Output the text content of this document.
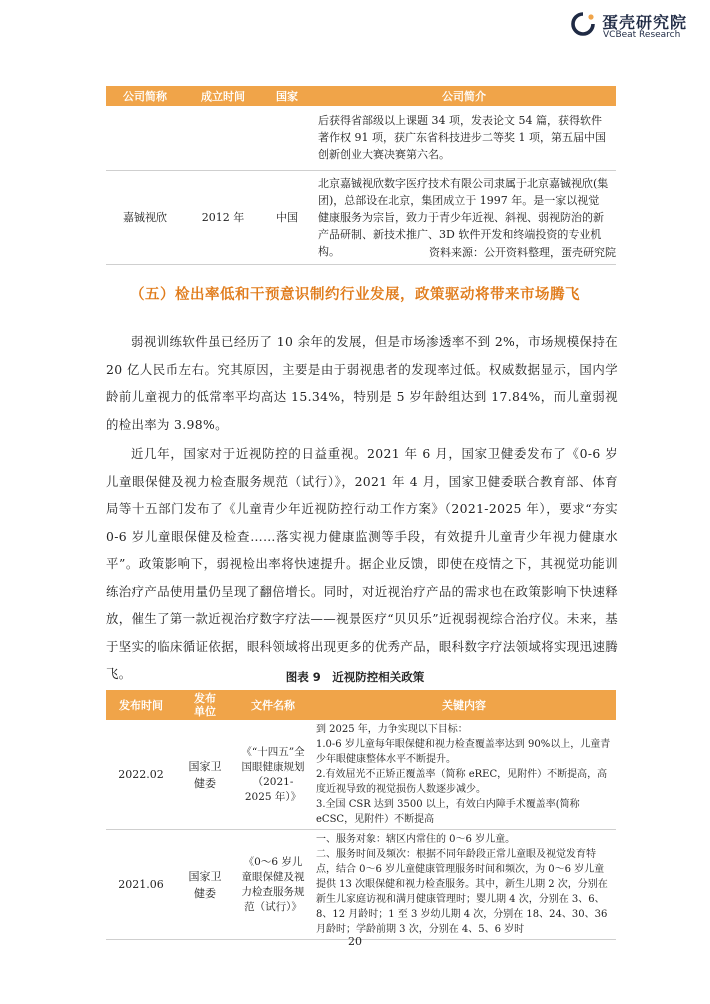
蛋壳研究院
VCBeat Research
公司简称	成立时间	国家	公司简介
			后获得省部级以上课题 34 项，发表论文 54 篇，获得软件著作权 91 项，获广东省科技进步二等奖 1 项，第五届中国创新创业大赛决赛第六名。
嘉铖视欣	2012 年	中国	北京嘉铖视欣数字医疗技术有限公司隶属于北京嘉铖视欣(集团)，总部设在北京，集团成立于 1997 年。是一家以视觉健康服务为宗旨，致力于青少年近视、斜视、弱视防治的新产品研制、新技术推广、3D 软件开发和终端投资的专业机构。	资料来源：公开资料整理，蛋壳研究院
（五）检出率低和干预意识制约行业发展，政策驱动将带来市场腾飞

弱视训练软件虽已经历了 10 余年的发展，但是市场渗透率不到 2%，市场规模保持在 20 亿人民币左右。究其原因，主要是由于弱视患者的发现率过低。权威数据显示，国内学龄前儿童视力的低常率平均高达 15.34%，特别是 5 岁年龄组达到 17.84%，而儿童弱视的检出率为 3.98%。

近几年，国家对于近视防控的日益重视。2021 年 6 月，国家卫健委发布了《0-6 岁儿童眼保健及视力检查服务规范（试行）》，2021 年 4 月，国家卫健委联合教育部、体育局等十五部门发布了《儿童青少年近视防控行动工作方案》（2021-2025 年），要求“夯实 0-6 岁儿童眼保健及检查……落实视力健康监测等手段，有效提升儿童青少年视力健康水平”。政策影响下，弱视检出率将快速提升。据企业反馈，即使在疫情之下，其视觉功能训练治疗产品使用量仍呈现了翻倍增长。同时，对近视治疗产品的需求也在政策影响下快速释放，催生了第一款近视治疗数字疗法——视景医疗“贝贝乐”近视弱视综合治疗仪。未来，基于坚实的临床循证依据，眼科领域将出现更多的优秀产品，眼科数字疗法领域将实现迅速腾飞。	图表 9　近视防控相关政策
发布时间	发布单位	文件名称	关键内容
2022.02	国家卫健委	《“十四五”全国眼健康规划（2021-2025 年）》	到 2025 年，力争实现以下目标：
1.0-6 岁儿童每年眼保健和视力检查覆盖率达到 90%以上，儿童青少年眼健康整体水平不断提升。
2.有效屈光不正矫正覆盖率（简称 eREC，见附件）不断提高，高度近视导致的视觉损伤人数逐步减少。
3.全国 CSR 达到 3500 以上，有效白内障手术覆盖率(简称 eCSC，见附件）不断提高

2021.06	国家卫健委	《0～6 岁儿童眼保健及视力检查服务规范（试行）》	一、服务对象：辖区内常住的 0～6 岁儿童。
二、服务时间及频次：根据不同年龄段正常儿童眼及视觉发育特点，结合 0～6 岁儿童健康管理服务时间和频次，为 0～6 岁儿童提供 13 次眼保健和视力检查服务。其中，新生儿期 2 次，分别在新生儿家庭访视和满月健康管理时；婴儿期 4 次，分别在 3、6、8、12 月龄时；1 至 3 岁幼儿期 4 次，分别在 18、24、30、36 月龄时；学龄前期 3 次，分别在 4、5、6 岁时
20
